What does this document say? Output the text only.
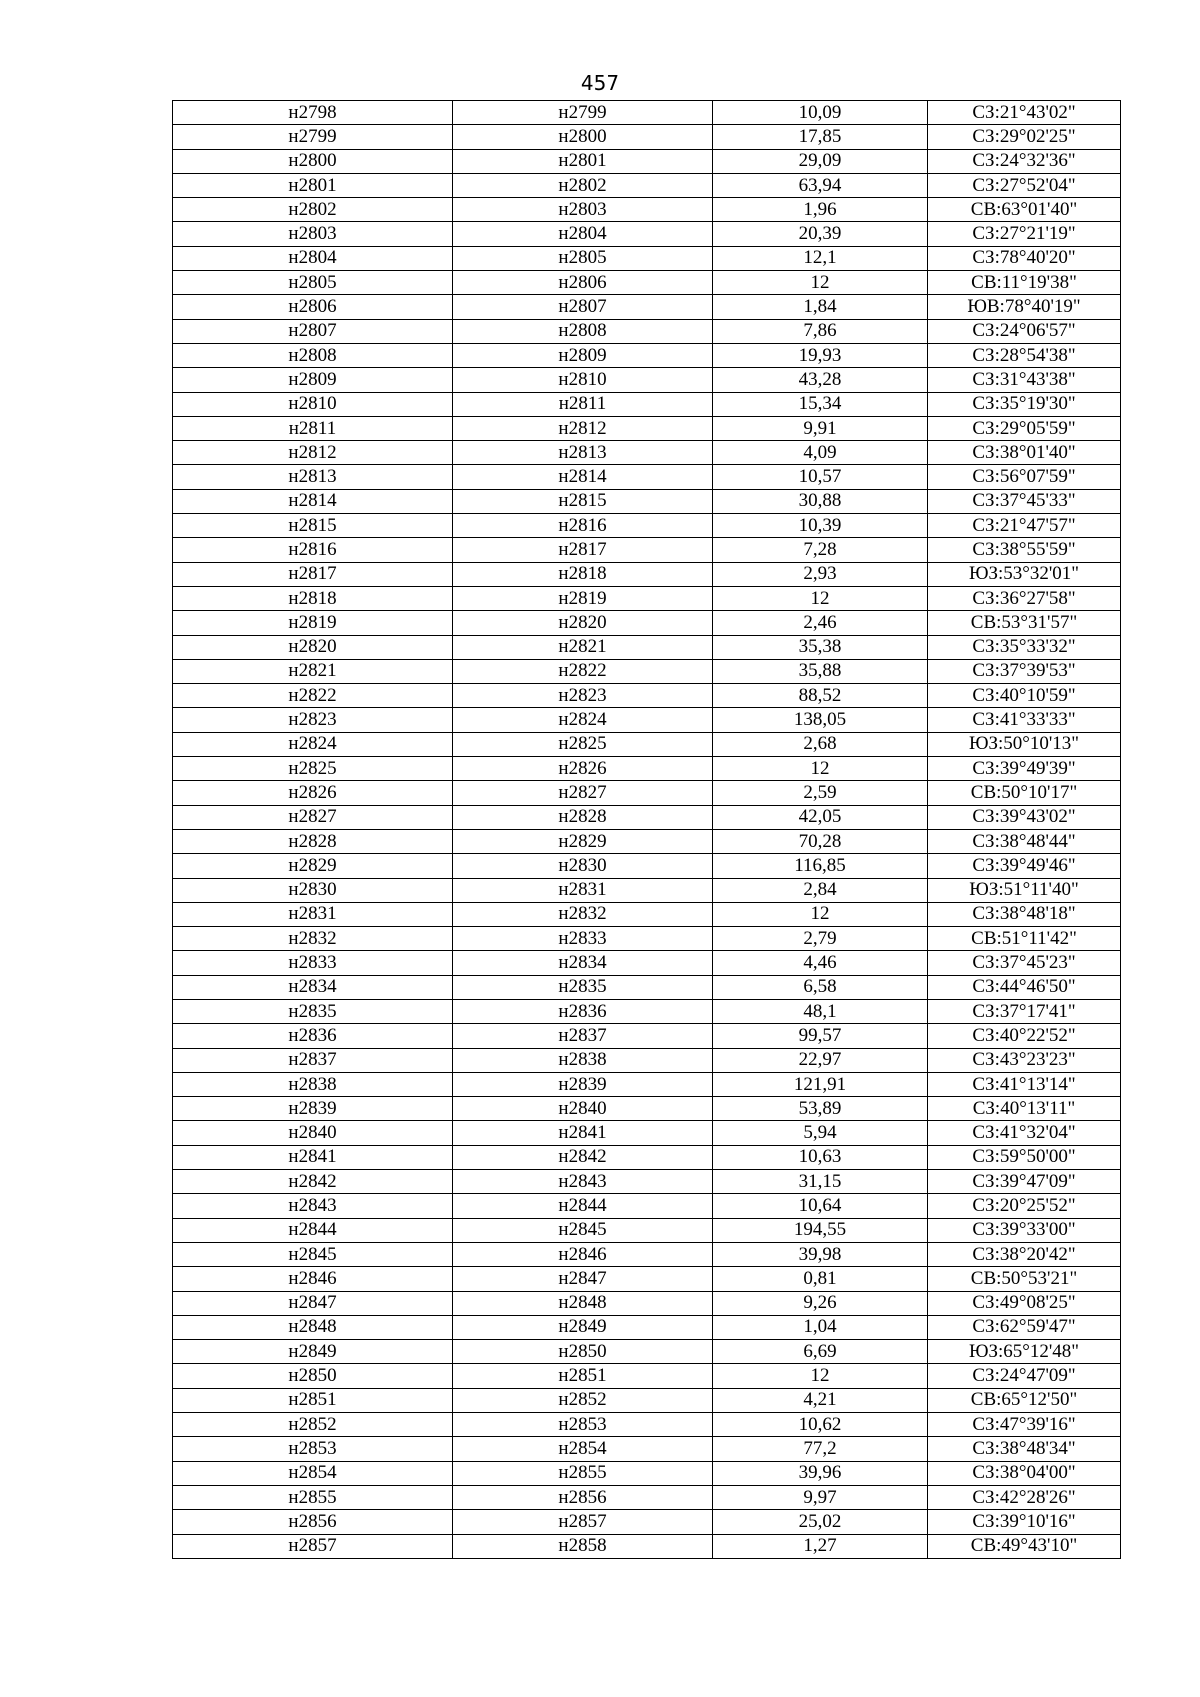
457
н2798	н2799	10,09	СЗ:21°43'02"
н2799	н2800	17,85	СЗ:29°02'25"
н2800	н2801	29,09	СЗ:24°32'36"
н2801	н2802	63,94	СЗ:27°52'04"
н2802	н2803	1,96	СВ:63°01'40"
н2803	н2804	20,39	СЗ:27°21'19"
н2804	н2805	12,1	СЗ:78°40'20"
н2805	н2806	12	СВ:11°19'38"
н2806	н2807	1,84	ЮВ:78°40'19"
н2807	н2808	7,86	СЗ:24°06'57"
н2808	н2809	19,93	СЗ:28°54'38"
н2809	н2810	43,28	СЗ:31°43'38"
н2810	н2811	15,34	СЗ:35°19'30"
н2811	н2812	9,91	СЗ:29°05'59"
н2812	н2813	4,09	СЗ:38°01'40"
н2813	н2814	10,57	СЗ:56°07'59"
н2814	н2815	30,88	СЗ:37°45'33"
н2815	н2816	10,39	СЗ:21°47'57"
н2816	н2817	7,28	СЗ:38°55'59"
н2817	н2818	2,93	ЮЗ:53°32'01"
н2818	н2819	12	СЗ:36°27'58"
н2819	н2820	2,46	СВ:53°31'57"
н2820	н2821	35,38	СЗ:35°33'32"
н2821	н2822	35,88	СЗ:37°39'53"
н2822	н2823	88,52	СЗ:40°10'59"
н2823	н2824	138,05	СЗ:41°33'33"
н2824	н2825	2,68	ЮЗ:50°10'13"
н2825	н2826	12	СЗ:39°49'39"
н2826	н2827	2,59	СВ:50°10'17"
н2827	н2828	42,05	СЗ:39°43'02"
н2828	н2829	70,28	СЗ:38°48'44"
н2829	н2830	116,85	СЗ:39°49'46"
н2830	н2831	2,84	ЮЗ:51°11'40"
н2831	н2832	12	СЗ:38°48'18"
н2832	н2833	2,79	СВ:51°11'42"
н2833	н2834	4,46	СЗ:37°45'23"
н2834	н2835	6,58	СЗ:44°46'50"
н2835	н2836	48,1	СЗ:37°17'41"
н2836	н2837	99,57	СЗ:40°22'52"
н2837	н2838	22,97	СЗ:43°23'23"
н2838	н2839	121,91	СЗ:41°13'14"
н2839	н2840	53,89	СЗ:40°13'11"
н2840	н2841	5,94	СЗ:41°32'04"
н2841	н2842	10,63	СЗ:59°50'00"
н2842	н2843	31,15	СЗ:39°47'09"
н2843	н2844	10,64	СЗ:20°25'52"
н2844	н2845	194,55	СЗ:39°33'00"
н2845	н2846	39,98	СЗ:38°20'42"
н2846	н2847	0,81	СВ:50°53'21"
н2847	н2848	9,26	СЗ:49°08'25"
н2848	н2849	1,04	СЗ:62°59'47"
н2849	н2850	6,69	ЮЗ:65°12'48"
н2850	н2851	12	СЗ:24°47'09"
н2851	н2852	4,21	СВ:65°12'50"
н2852	н2853	10,62	СЗ:47°39'16"
н2853	н2854	77,2	СЗ:38°48'34"
н2854	н2855	39,96	СЗ:38°04'00"
н2855	н2856	9,97	СЗ:42°28'26"
н2856	н2857	25,02	СЗ:39°10'16"
н2857	н2858	1,27	СВ:49°43'10"
